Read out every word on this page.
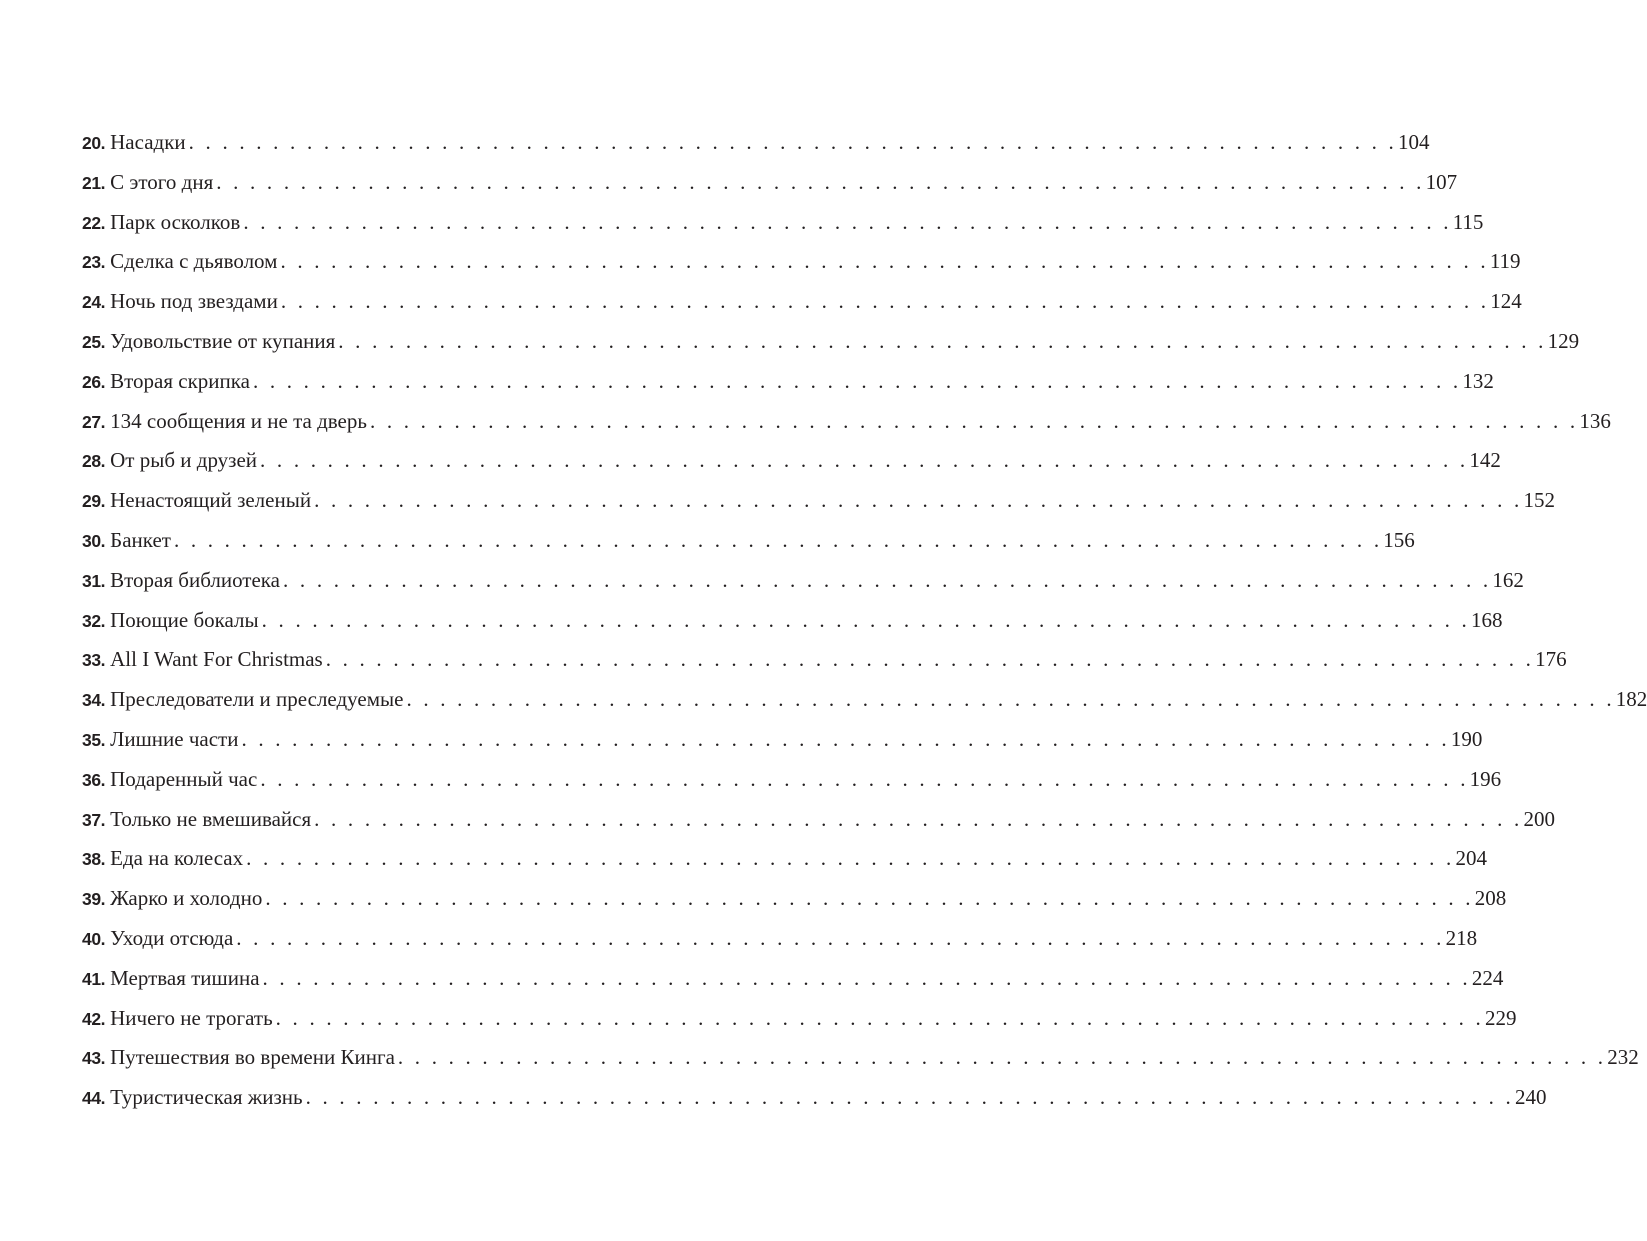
20. Насадки . . . . . . . . . . . . . . . . . . . . . . . . . . . . . . . . . . . . . . . . . . . . . . . . . . . . . . . . . . . . . . . . . . . . . . . . 104
21. С этого дня . . . . . . . . . . . . . . . . . . . . . . . . . . . . . . . . . . . . . . . . . . . . . . . . . . . . . . . . . . . . . . . . . . . . . . . . 107
22. Парк осколков . . . . . . . . . . . . . . . . . . . . . . . . . . . . . . . . . . . . . . . . . . . . . . . . . . . . . . . . . . . . . . . . . . . . . . . . 115
23. Сделка с дьяволом . . . . . . . . . . . . . . . . . . . . . . . . . . . . . . . . . . . . . . . . . . . . . . . . . . . . . . . . . . . . . . . . . . . . . . . . 119
24. Ночь под звездами . . . . . . . . . . . . . . . . . . . . . . . . . . . . . . . . . . . . . . . . . . . . . . . . . . . . . . . . . . . . . . . . . . . . . . . . 124
25. Удовольствие от купания . . . . . . . . . . . . . . . . . . . . . . . . . . . . . . . . . . . . . . . . . . . . . . . . . . . . . . . . . . . . . . . . . . . . . . . . 129
26. Вторая скрипка . . . . . . . . . . . . . . . . . . . . . . . . . . . . . . . . . . . . . . . . . . . . . . . . . . . . . . . . . . . . . . . . . . . . . . . . 132
27. 134 сообщения и не та дверь . . . . . . . . . . . . . . . . . . . . . . . . . . . . . . . . . . . . . . . . . . . . . . . . . . . . . . . . . . . . . . . . . . . . . . . . 136
28. От рыб и друзей . . . . . . . . . . . . . . . . . . . . . . . . . . . . . . . . . . . . . . . . . . . . . . . . . . . . . . . . . . . . . . . . . . . . . . . . 142
29. Ненастоящий зеленый . . . . . . . . . . . . . . . . . . . . . . . . . . . . . . . . . . . . . . . . . . . . . . . . . . . . . . . . . . . . . . . . . . . . . . . . 152
30. Банкет . . . . . . . . . . . . . . . . . . . . . . . . . . . . . . . . . . . . . . . . . . . . . . . . . . . . . . . . . . . . . . . . . . . . . . . . 156
31. Вторая библиотека . . . . . . . . . . . . . . . . . . . . . . . . . . . . . . . . . . . . . . . . . . . . . . . . . . . . . . . . . . . . . . . . . . . . . . . . 162
32. Поющие бокалы . . . . . . . . . . . . . . . . . . . . . . . . . . . . . . . . . . . . . . . . . . . . . . . . . . . . . . . . . . . . . . . . . . . . . . . . 168
33. All I Want For Christmas . . . . . . . . . . . . . . . . . . . . . . . . . . . . . . . . . . . . . . . . . . . . . . . . . . . . . . . . . . . . . . . . . . . . . . . . 176
34. Преследователи и преследуемые . . . . . . . . . . . . . . . . . . . . . . . . . . . . . . . . . . . . . . . . . . . . . . . . . . . . . . . . . . . . . . . . . . . . . . . . 182
35. Лишние части . . . . . . . . . . . . . . . . . . . . . . . . . . . . . . . . . . . . . . . . . . . . . . . . . . . . . . . . . . . . . . . . . . . . . . . . 190
36. Подаренный час . . . . . . . . . . . . . . . . . . . . . . . . . . . . . . . . . . . . . . . . . . . . . . . . . . . . . . . . . . . . . . . . . . . . . . . . 196
37. Только не вмешивайся . . . . . . . . . . . . . . . . . . . . . . . . . . . . . . . . . . . . . . . . . . . . . . . . . . . . . . . . . . . . . . . . . . . . . . . . 200
38. Еда на колесах . . . . . . . . . . . . . . . . . . . . . . . . . . . . . . . . . . . . . . . . . . . . . . . . . . . . . . . . . . . . . . . . . . . . . . . . 204
39. Жарко и холодно . . . . . . . . . . . . . . . . . . . . . . . . . . . . . . . . . . . . . . . . . . . . . . . . . . . . . . . . . . . . . . . . . . . . . . . . 208
40. Уходи отсюда . . . . . . . . . . . . . . . . . . . . . . . . . . . . . . . . . . . . . . . . . . . . . . . . . . . . . . . . . . . . . . . . . . . . . . . . 218
41. Мертвая тишина . . . . . . . . . . . . . . . . . . . . . . . . . . . . . . . . . . . . . . . . . . . . . . . . . . . . . . . . . . . . . . . . . . . . . . . . 224
42. Ничего не трогать . . . . . . . . . . . . . . . . . . . . . . . . . . . . . . . . . . . . . . . . . . . . . . . . . . . . . . . . . . . . . . . . . . . . . . . . 229
43. Путешествия во времени Кинга . . . . . . . . . . . . . . . . . . . . . . . . . . . . . . . . . . . . . . . . . . . . . . . . . . . . . . . . . . . . . . . . . . . . . . . . 232
44. Туристическая жизнь . . . . . . . . . . . . . . . . . . . . . . . . . . . . . . . . . . . . . . . . . . . . . . . . . . . . . . . . . . . . . . . . . . . . . . . . 240
